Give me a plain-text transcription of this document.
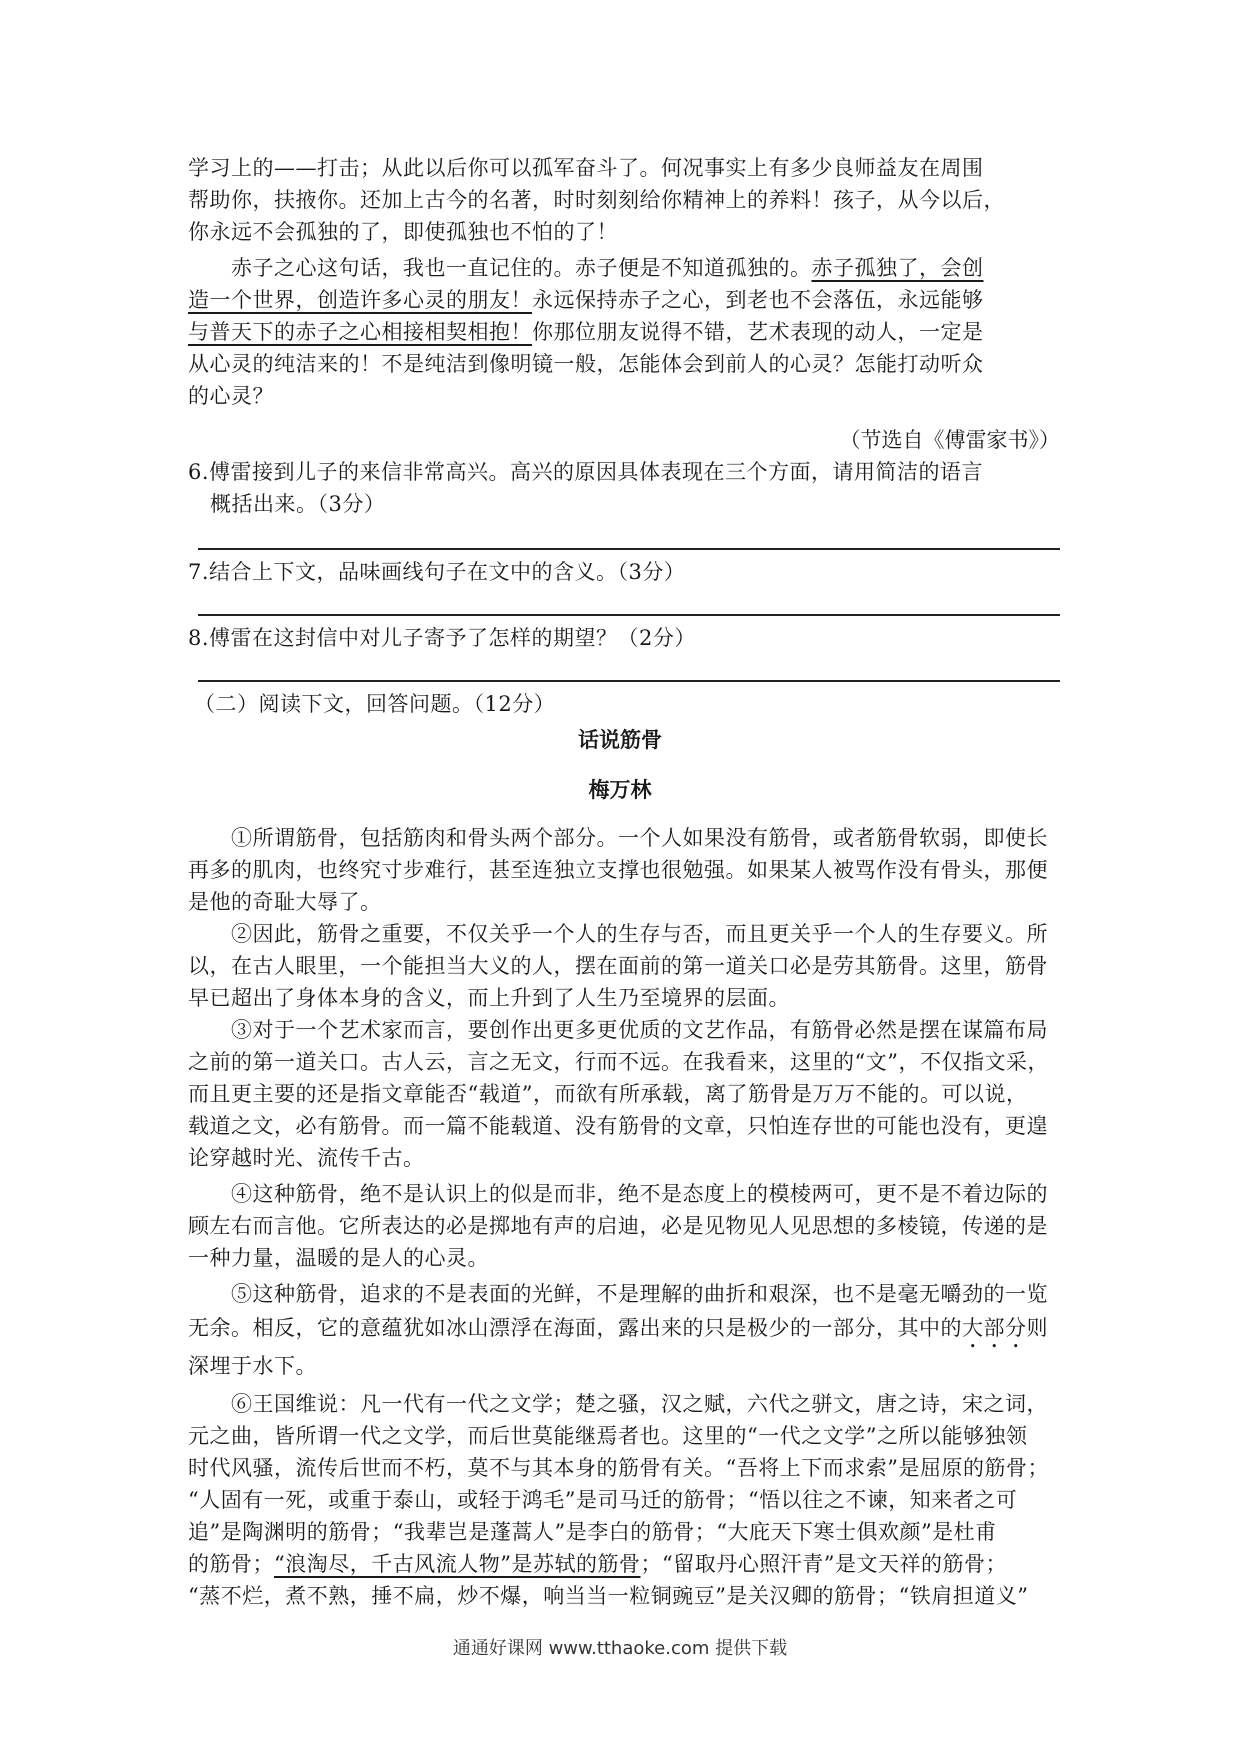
学习上的——打击；从此以后你可以孤军奋斗了。何况事实上有多少良师益友在周围
帮助你，扶掖你。还加上古今的名著，时时刻刻给你精神上的养料！孩子，从今以后，
你永远不会孤独的了，即使孤独也不怕的了！
　　赤子之心这句话，我也一直记住的。赤子便是不知道孤独的。赤子孤独了，会创
造一个世界，创造许多心灵的朋友！永远保持赤子之心，到老也不会落伍，永远能够
与普天下的赤子之心相接相契相抱！你那位朋友说得不错，艺术表现的动人，一定是
从心灵的纯洁来的！不是纯洁到像明镜一般，怎能体会到前人的心灵？怎能打动听众
的心灵？
（节选自《傅雷家书》）
6.傅雷接到儿子的来信非常高兴。高兴的原因具体表现在三个方面，请用简洁的语言
概括出来。（3分）
7.结合上下文，品味画线句子在文中的含义。（3分）
8.傅雷在这封信中对儿子寄予了怎样的期望？（2分）
（二）阅读下文，回答问题。（12分）
话说筋骨
梅万林
　　①所谓筋骨，包括筋肉和骨头两个部分。一个人如果没有筋骨，或者筋骨软弱，即使长
再多的肌肉，也终究寸步难行，甚至连独立支撑也很勉强。如果某人被骂作没有骨头，那便
是他的奇耻大辱了。
　　②因此，筋骨之重要，不仅关乎一个人的生存与否，而且更关乎一个人的生存要义。所
以，在古人眼里，一个能担当大义的人，摆在面前的第一道关口必是劳其筋骨。这里，筋骨
早已超出了身体本身的含义，而上升到了人生乃至境界的层面。
　　③对于一个艺术家而言，要创作出更多更优质的文艺作品，有筋骨必然是摆在谋篇布局
之前的第一道关口。古人云，言之无文，行而不远。在我看来，这里的“文”，不仅指文采，
而且更主要的还是指文章能否“载道”，而欲有所承载，离了筋骨是万万不能的。可以说，
载道之文，必有筋骨。而一篇不能载道、没有筋骨的文章，只怕连存世的可能也没有，更遑
论穿越时光、流传千古。
　　④这种筋骨，绝不是认识上的似是而非，绝不是态度上的模棱两可，更不是不着边际的
顾左右而言他。它所表达的必是掷地有声的启迪，必是见物见人见思想的多棱镜，传递的是
一种力量，温暖的是人的心灵。
　　⑤这种筋骨，追求的不是表面的光鲜，不是理解的曲折和艰深，也不是毫无嚼劲的一览
无余。相反，它的意蕴犹如冰山漂浮在海面，露出来的只是极少的一部分，其中的大部分则
深埋于水下。
　　⑥王国维说：凡一代有一代之文学；楚之骚，汉之赋，六代之骈文，唐之诗，宋之词，
元之曲，皆所谓一代之文学，而后世莫能继焉者也。这里的“一代之文学”之所以能够独领
时代风骚，流传后世而不朽，莫不与其本身的筋骨有关。“吾将上下而求索”是屈原的筋骨；
“人固有一死，或重于泰山，或轻于鸿毛”是司马迁的筋骨；“悟以往之不谏，知来者之可
追”是陶渊明的筋骨；“我辈岂是蓬蒿人”是李白的筋骨；“大庇天下寒士俱欢颜”是杜甫
的筋骨；“浪淘尽，千古风流人物”是苏轼的筋骨；“留取丹心照汗青”是文天祥的筋骨；
“蒸不烂，煮不熟，捶不扁，炒不爆，响当当一粒铜豌豆”是关汉卿的筋骨；“铁肩担道义”
通通好课网 www.tthaoke.com 提供下载
